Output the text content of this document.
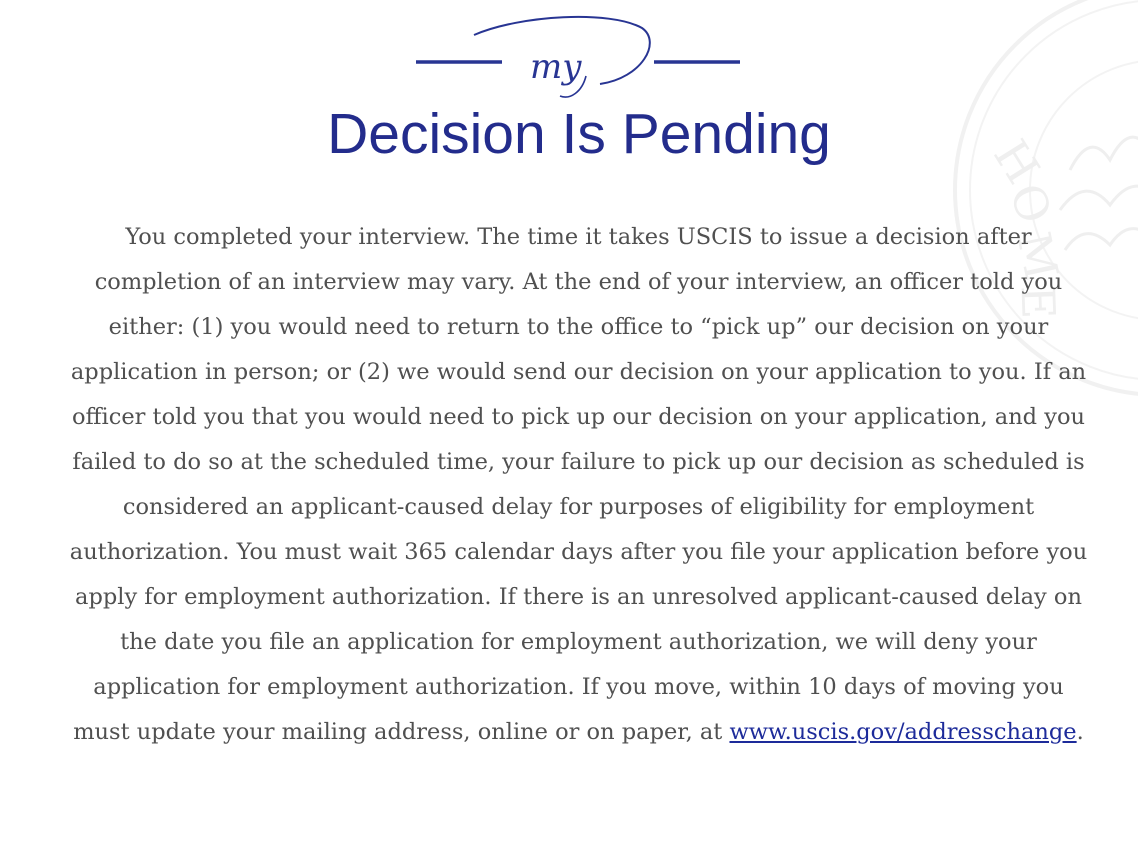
H
O
M
E
my
Decision Is Pending

You completed your interview. The time it takes USCIS to issue a decision after completion of an interview may vary. At the end of your interview, an officer told you either: (1) you would need to return to the office to “pick up” our decision on your application in person; or (2) we would send our decision on your application to you. If an officer told you that you would need to pick up our decision on your application, and you failed to do so at the scheduled time, your failure to pick up our decision as scheduled is considered an applicant-caused delay for purposes of eligibility for employment authorization. You must wait 365 calendar days after you file your application before you apply for employment authorization. If there is an unresolved applicant-caused delay on the date you file an application for employment authorization, we will deny your application for employment authorization. If you move, within 10 days of moving you must update your mailing address, online or on paper, at www.uscis.gov/addresschange.
